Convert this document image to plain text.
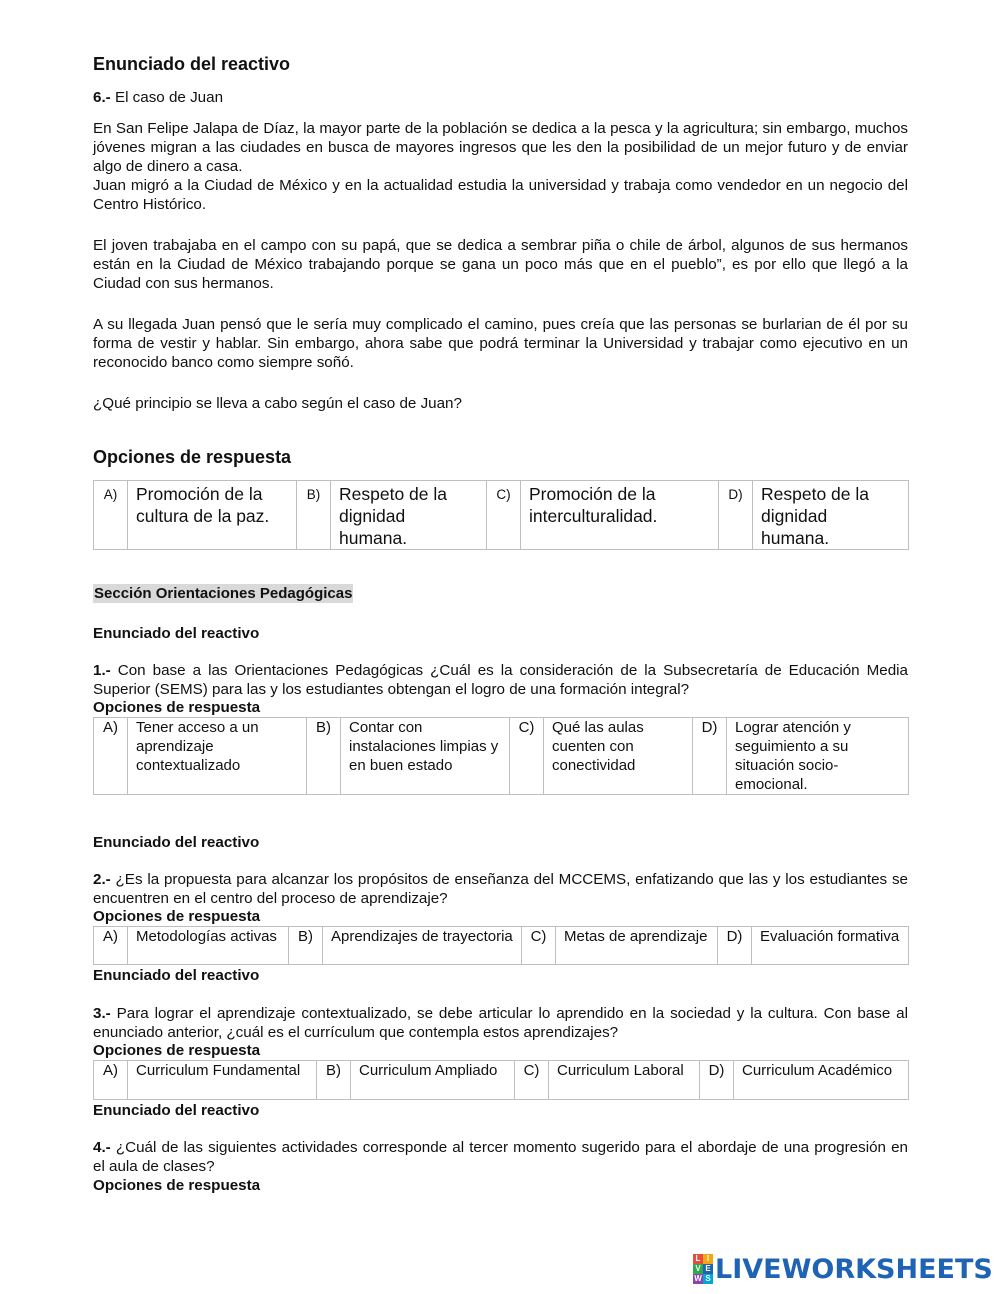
Enunciado del reactivo

6.- El caso de Juan

En San Felipe Jalapa de Díaz, la mayor parte de la población se dedica a la pesca y la agricultura; sin embargo, muchos jóvenes migran a las ciudades en busca de mayores ingresos que les den la posibilidad de un mejor futuro y de enviar algo de dinero a casa.

Juan migró a la Ciudad de México y en la actualidad estudia la universidad y trabaja como vendedor en un negocio del Centro Histórico.

El joven trabajaba en el campo con su papá, que se dedica a sembrar piña o chile de árbol, algunos de sus hermanos están en la Ciudad de México trabajando porque se gana un poco más que en el pueblo”, es por ello que llegó a la Ciudad con sus hermanos.

A su llegada Juan pensó que le sería muy complicado el camino, pues creía que las personas se burlarian de él por su forma de vestir y hablar. Sin embargo, ahora sabe que podrá terminar la Universidad y trabajar como ejecutivo en un reconocido banco como siempre soñó.

¿Qué principio se lleva a cabo según el caso de Juan?

Opciones de respuesta
A)	Promoción de la cultura de la paz.	B)	Respeto de la dignidad humana.	C)	Promoción de la interculturalidad.	D)	Respeto de la dignidad humana.
Sección Orientaciones Pedagógicas

Enunciado del reactivo

1.- Con base a las Orientaciones Pedagógicas ¿Cuál es la consideración de la Subsecretaría de Educación Media Superior (SEMS) para las y los estudiantes obtengan el logro de una formación integral?

Opciones de respuesta

A)	Tener acceso a un aprendizaje contextualizado	B)	Contar con instalaciones limpias y en buen estado	C)	Qué las aulas cuenten con conectividad	D)	Lograr atención y seguimiento a su situación socio-emocional.

Enunciado del reactivo

2.- ¿Es la propuesta para alcanzar los propósitos de enseñanza del MCCEMS, enfatizando que las y los estudiantes se encuentren en el centro del proceso de aprendizaje?

Opciones de respuesta

A)	Metodologías activas	B)	Aprendizajes de trayectoria	C)	Metas de aprendizaje	D)	Evaluación formativa

Enunciado del reactivo

3.- Para lograr el aprendizaje contextualizado, se debe articular lo aprendido en la sociedad y la cultura. Con base al enunciado anterior, ¿cuál es el currículum que contempla estos aprendizajes?

Opciones de respuesta

A)	Curriculum Fundamental	B)	Curriculum Ampliado	C)	Curriculum Laboral	D)	Curriculum Académico

Enunciado del reactivo

4.- ¿Cuál de las siguientes actividades corresponde al tercer momento sugerido para el abordaje de una progresión en el aula de clases?

Opciones de respuesta

L I
V E
W S LIVEWORKSHEETS
